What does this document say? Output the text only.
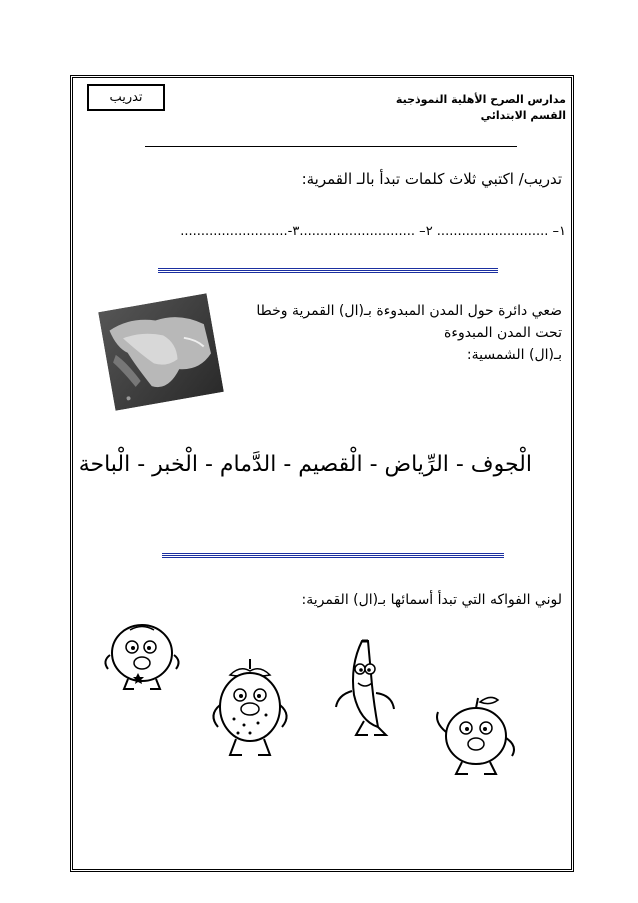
تدريب	مدارس الصرح الأهلية النموذجية
القسم الابتدائي
تدريب/ اكتبي ثلاث كلمات تبدأ بالـ القمرية:
١– ........................... ٢– ............................٣-..........................
ضعي دائرة حول المدن المبدوءة بـ(ال) القمرية وخطا
تحت المدن المبدوءة
بـ(ال) الشمسية:
الْجوف - الرِّياض - الْقصيم - الدَّمام - الْخبر - الْباحة
لوني الفواكه التي تبدأ أسمائها بـ(ال) القمرية:
